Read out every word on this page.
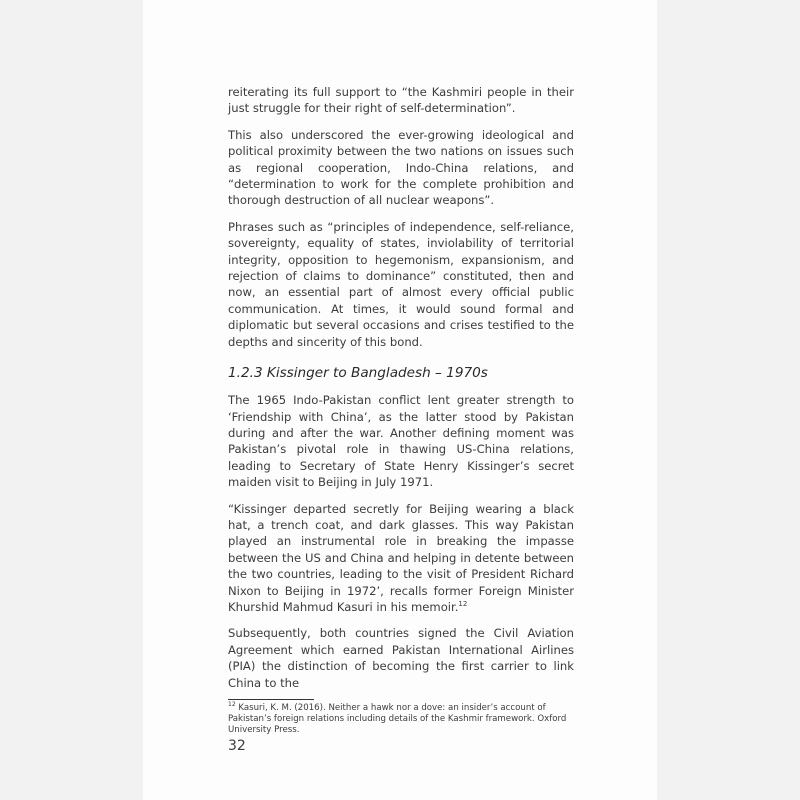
reiterating its full support to “the Kashmiri people in their just struggle for their right of self-determination”.

This also underscored the ever-growing ideological and political proximity between the two nations on issues such as regional cooperation, Indo-China relations, and “determination to work for the complete prohibition and thorough destruction of all nuclear weapons”.

Phrases such as “principles of independence, self-reliance, sovereignty, equality of states, inviolability of territorial integrity, opposition to hegemonism, expansionism, and rejection of claims to dominance” constituted, then and now, an essential part of almost every official public communication. At times, it would sound formal and diplomatic but several occasions and crises testified to the depths and sincerity of this bond.

1.2.3 Kissinger to Bangladesh – 1970s

The 1965 Indo-Pakistan conflict lent greater strength to ‘Friendship with China’, as the latter stood by Pakistan during and after the war. Another defining moment was Pakistan’s pivotal role in thawing US-China relations, leading to Secretary of State Henry Kissinger’s secret maiden visit to Beijing in July 1971.

“Kissinger departed secretly for Beijing wearing a black hat, a trench coat, and dark glasses. This way Pakistan played an instrumental role in breaking the impasse between the US and China and helping in detente between the two countries, leading to the visit of President Richard Nixon to Beijing in 1972’, recalls former Foreign Minister Khurshid Mahmud Kasuri in his memoir.$^{12}$

Subsequently, both countries signed the Civil Aviation Agreement which earned Pakistan International Airlines (PIA) the distinction of becoming the first carrier to link China to the

$^{12}$ Kasuri, K. M. (2016). Neither a hawk nor a dove: an insider’s account of Pakistan’s foreign relations including details of the Kashmir framework. Oxford University Press.
32
